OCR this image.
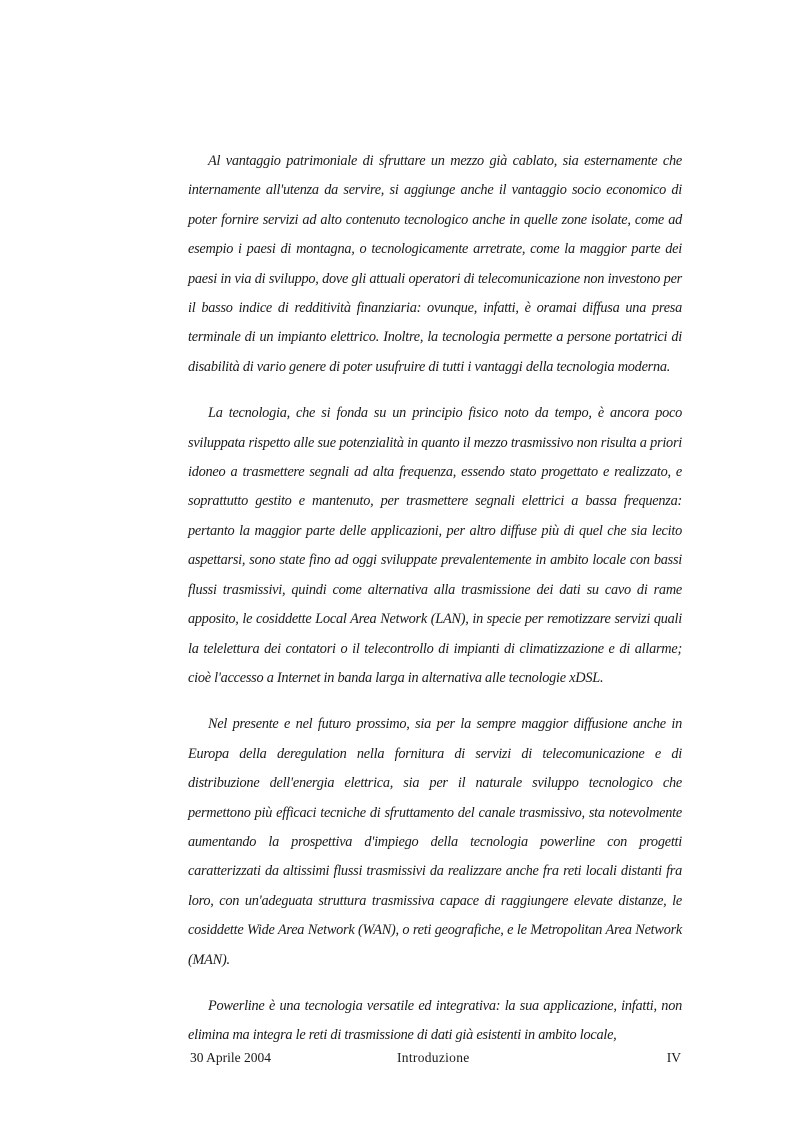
Al vantaggio patrimoniale di sfruttare un mezzo già cablato, sia esternamente che internamente all'utenza da servire, si aggiunge anche il vantaggio socio economico di poter fornire servizi ad alto contenuto tecnologico anche in quelle zone isolate, come ad esempio i paesi di montagna, o tecnologicamente arretrate, come la maggior parte dei paesi in via di sviluppo, dove gli attuali operatori di telecomunicazione non investono per il basso indice di redditività finanziaria: ovunque, infatti, è oramai diffusa una presa terminale di un impianto elettrico. Inoltre, la tecnologia permette a persone portatrici di disabilità di vario genere di poter usufruire di tutti i vantaggi della tecnologia moderna.

La tecnologia, che si fonda su un principio fisico noto da tempo, è ancora poco sviluppata rispetto alle sue potenzialità in quanto il mezzo trasmissivo non risulta a priori idoneo a trasmettere segnali ad alta frequenza, essendo stato progettato e realizzato, e soprattutto gestito e mantenuto, per trasmettere segnali elettrici a bassa frequenza: pertanto la maggior parte delle applicazioni, per altro diffuse più di quel che sia lecito aspettarsi, sono state fino ad oggi sviluppate prevalentemente in ambito locale con bassi flussi trasmissivi, quindi come alternativa alla trasmissione dei dati su cavo di rame apposito, le cosiddette Local Area Network (LAN), in specie per remotizzare servizi quali la telelettura dei contatori o il telecontrollo di impianti di climatizzazione e di allarme; cioè l'accesso a Internet in banda larga in alternativa alle tecnologie xDSL.

Nel presente e nel futuro prossimo, sia per la sempre maggior diffusione anche in Europa della deregulation nella fornitura di servizi di telecomunicazione e di distribuzione dell'energia elettrica, sia per il naturale sviluppo tecnologico che permettono più efficaci tecniche di sfruttamento del canale trasmissivo, sta notevolmente aumentando la prospettiva d'impiego della tecnologia powerline con progetti caratterizzati da altissimi flussi trasmissivi da realizzare anche fra reti locali distanti fra loro, con un'adeguata struttura trasmissiva capace di raggiungere elevate distanze, le cosiddette Wide Area Network (WAN), o reti geografiche, e le Metropolitan Area Network (MAN).

Powerline è una tecnologia versatile ed integrativa: la sua applicazione, infatti, non elimina ma integra le reti di trasmissione di dati già esistenti in ambito locale,

30 Aprile 2004	Introduzione	IV
